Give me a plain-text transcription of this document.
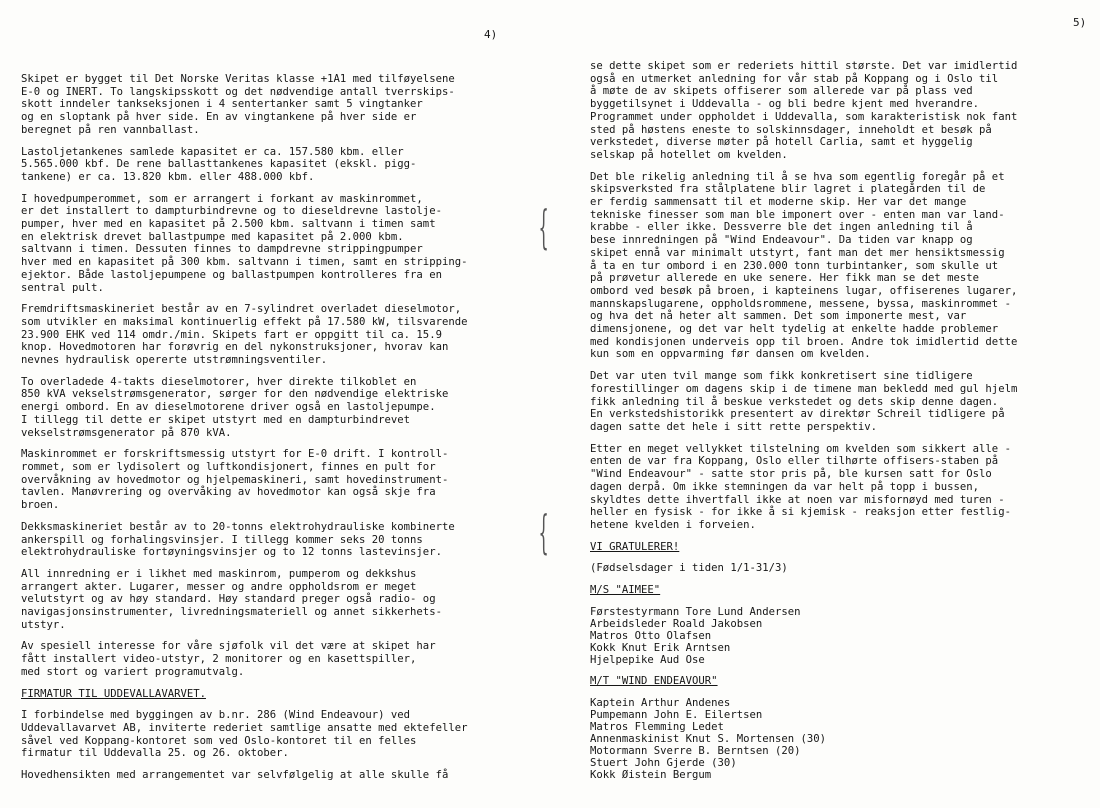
4)
5)

Skipet er bygget til Det Norske Veritas klasse +1A1 med tilføyelsene
E-0 og INERT. To langskipsskott og det nødvendige antall tverrskips-
skott inndeler tankseksjonen i 4 sentertanker samt 5 vingtanker
og en sloptank på hver side. En av vingtankene på hver side er
beregnet på ren vannballast.

Lastoljetankenes samlede kapasitet er ca. 157.580 kbm. eller
5.565.000 kbf. De rene ballasttankenes kapasitet (ekskl. pigg-
tankene) er ca. 13.820 kbm. eller 488.000 kbf.

I hovedpumperommet, som er arrangert i forkant av maskinrommet,
er det installert to dampturbindrevne og to dieseldrevne lastolje-
pumper, hver med en kapasitet på 2.500 kbm. saltvann i timen samt
en elektrisk drevet ballastpumpe med kapasitet på 2.000 kbm.
saltvann i timen. Dessuten finnes to dampdrevne strippingpumper
hver med en kapasitet på 300 kbm. saltvann i timen, samt en stripping-
ejektor. Både lastoljepumpene og ballastpumpen kontrolleres fra en
sentral pult.

Fremdriftsmaskineriet består av en 7-sylindret overladet dieselmotor,
som utvikler en maksimal kontinuerlig effekt på 17.580 kW, tilsvarende
23.900 EHK ved 114 omdr./min. Skipets fart er oppgitt til ca. 15.9
knop. Hovedmotoren har forøvrig en del nykonstruksjoner, hvorav kan
nevnes hydraulisk opererte utstrømningsventiler.

To overladede 4-takts dieselmotorer, hver direkte tilkoblet en
850 kVA vekselstrømsgenerator, sørger for den nødvendige elektriske
energi ombord. En av dieselmotorene driver også en lastoljepumpe.
I tillegg til dette er skipet utstyrt med en dampturbindrevet
vekselstrømsgenerator på 870 kVA.

Maskinrommet er forskriftsmessig utstyrt for E-0 drift. I kontroll-
rommet, som er lydisolert og luftkondisjonert, finnes en pult for
overvåkning av hovedmotor og hjelpemaskineri, samt hovedinstrument-
tavlen. Manøvrering og overvåking av hovedmotor kan også skje fra
broen.

Dekksmaskineriet består av to 20-tonns elektrohydrauliske kombinerte
ankerspill og forhalingsvinsjer. I tillegg kommer seks 20 tonns
elektrohydrauliske fortøyningsvinsjer og to 12 tonns lastevinsjer.

All innredning er i likhet med maskinrom, pumperom og dekkshus
arrangert akter. Lugarer, messer og andre oppholdsrom er meget
velutstyrt og av høy standard. Høy standard preger også radio- og
navigasjonsinstrumenter, livredningsmateriell og annet sikkerhets-
utstyr.

Av spesiell interesse for våre sjøfolk vil det være at skipet har
fått installert video-utstyr, 2 monitorer og en kasettspiller,
med stort og variert programutvalg.

FIRMATUR TIL UDDEVALLAVARVET.

I forbindelse med byggingen av b.nr. 286 (Wind Endeavour) ved
Uddevallavarvet AB, inviterte rederiet samtlige ansatte med ektefeller
såvel ved Koppang-kontoret som ved Oslo-kontoret til en felles
firmatur til Uddevalla 25. og 26. oktober.

Hovedhensikten med arrangementet var selvfølgelig at alle skulle få

{
{

se dette skipet som er rederiets hittil største. Det var imidlertid
også en utmerket anledning for vår stab på Koppang og i Oslo til
å møte de av skipets offiserer som allerede var på plass ved
byggetilsynet i Uddevalla - og bli bedre kjent med hverandre.
Programmet under oppholdet i Uddevalla, som karakteristisk nok fant
sted på høstens eneste to solskinnsdager, inneholdt et besøk på
verkstedet, diverse møter på hotell Carlia, samt et hyggelig
selskap på hotellet om kvelden.

Det ble rikelig anledning til å se hva som egentlig foregår på et
skipsverksted fra stålplatene blir lagret i plategården til de
er ferdig sammensatt til et moderne skip. Her var det mange
tekniske finesser som man ble imponert over - enten man var land-
krabbe - eller ikke. Dessverre ble det ingen anledning til å
bese innredningen på "Wind Endeavour". Da tiden var knapp og
skipet ennå var minimalt utstyrt, fant man det mer hensiktsmessig
å ta en tur ombord i en 230.000 tonn turbintanker, som skulle ut
på prøvetur allerede en uke senere. Her fikk man se det meste
ombord ved besøk på broen, i kapteinens lugar, offiserenes lugarer,
mannskapslugarene, oppholdsrommene, messene, byssa, maskinrommet -
og hva det nå heter alt sammen. Det som imponerte mest, var
dimensjonene, og det var helt tydelig at enkelte hadde problemer
med kondisjonen underveis opp til broen. Andre tok imidlertid dette
kun som en oppvarming før dansen om kvelden.

Det var uten tvil mange som fikk konkretisert sine tidligere
forestillinger om dagens skip i de timene man bekledd med gul hjelm
fikk anledning til å beskue verkstedet og dets skip denne dagen.
En verkstedshistorikk presentert av direktør Schreil tidligere på
dagen satte det hele i sitt rette perspektiv.

Etter en meget vellykket tilstelning om kvelden som sikkert alle -
enten de var fra Koppang, Oslo eller tilhørte offisers-staben på
"Wind Endeavour" - satte stor pris på, ble kursen satt for Oslo
dagen derpå. Om ikke stemningen da var helt på topp i bussen,
skyldtes dette ihvertfall ikke at noen var misfornøyd med turen -
heller en fysisk - for ikke å si kjemisk - reaksjon etter festlig-
hetene kvelden i forveien.

VI GRATULERER!

(Fødselsdager i tiden 1/1-31/3)

M/S "AIMEE"
Førstestyrmann Tore Lund Andersen
Arbeidsleder Roald Jakobsen
Matros Otto Olafsen
Kokk Knut Erik Arntsen
Hjelpepike Aud Ose
M/T "WIND ENDEAVOUR"
Kaptein Arthur Andenes
Pumpemann John E. Eilertsen
Matros Flemming Ledet
Annenmaskinist Knut S. Mortensen (30)
Motormann Sverre B. Berntsen (20)
Stuert John Gjerde (30)
Kokk Øistein Bergum
